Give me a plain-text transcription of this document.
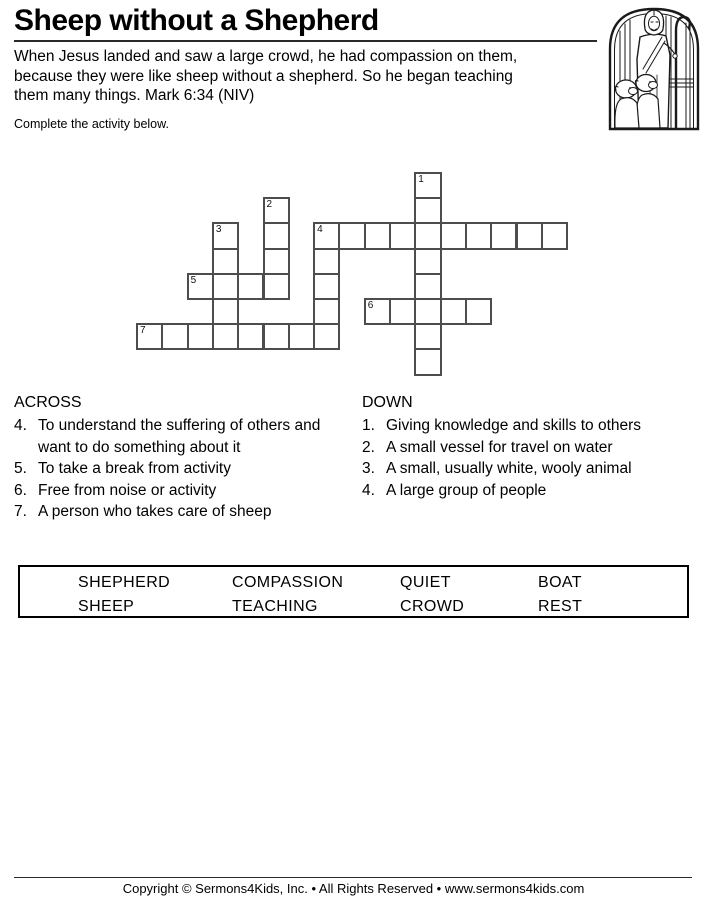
Sheep without a Shepherd
When Jesus landed and saw a large crowd, he had compassion on them,
because they were like sheep without a shepherd. So he began teaching
them many things. Mark 6:34 (NIV)
Complete the activity below.
1
2
3	4
5
6
7
ACROSS
4. To understand the suffering of others and want to do something about it
5. To take a break from activity
6. Free from noise or activity
7. A person who takes care of sheep
DOWN
1. Giving knowledge and skills to others
2. A small vessel for travel on water
3. A small, usually white, wooly animal
4. A large group of people
SHEPHERD	COMPASSION	QUIET	BOAT
SHEEP	TEACHING	CROWD	REST
Copyright © Sermons4Kids, Inc. • All Rights Reserved • www.sermons4kids.com
